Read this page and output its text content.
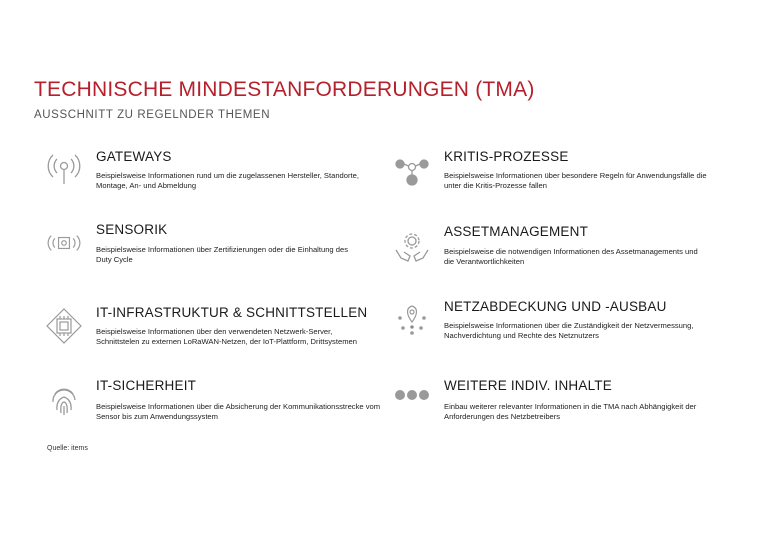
TECHNISCHE MINDESTANFORDERUNGEN (TMA)
AUSSCHNITT ZU REGELNDER THEMEN
GATEWAYS
Beispielsweise Informationen rund um die zugelassenen Hersteller, Standorte, Montage, An- und Abmeldung
SENSORIK
Beispielsweise Informationen über Zertifizierungen oder die Einhaltung des Duty Cycle
IT-INFRASTRUKTUR & SCHNITTSTELLEN
Beispielsweise Informationen über den verwendeten Netzwerk-Server, Schnittstelen zu externen LoRaWAN-Netzen, der IoT-Plattform, Drittsystemen
IT-SICHERHEIT
Beispielsweise Informationen über die Absicherung der Kommunikationsstrecke vom Sensor bis zum Anwendungssystem
KRITIS-PROZESSE
Beispielsweise Informationen über besondere Regeln für Anwendungsfälle die unter die Kritis-Prozesse fallen
ASSETMANAGEMENT
Beispielsweise die notwendigen Informationen des Assetmanagements und die Verantwortlichkeiten
NETZABDECKUNG UND -AUSBAU
Beispielsweise Informationen über die Zuständigkeit der Netzvermessung, Nachverdichtung und Rechte des Netznutzers
WEITERE INDIV. INHALTE
Einbau weiterer relevanter Informationen in die TMA nach Abhängigkeit der Anforderungen des Netzbetreibers
Quelle: items
